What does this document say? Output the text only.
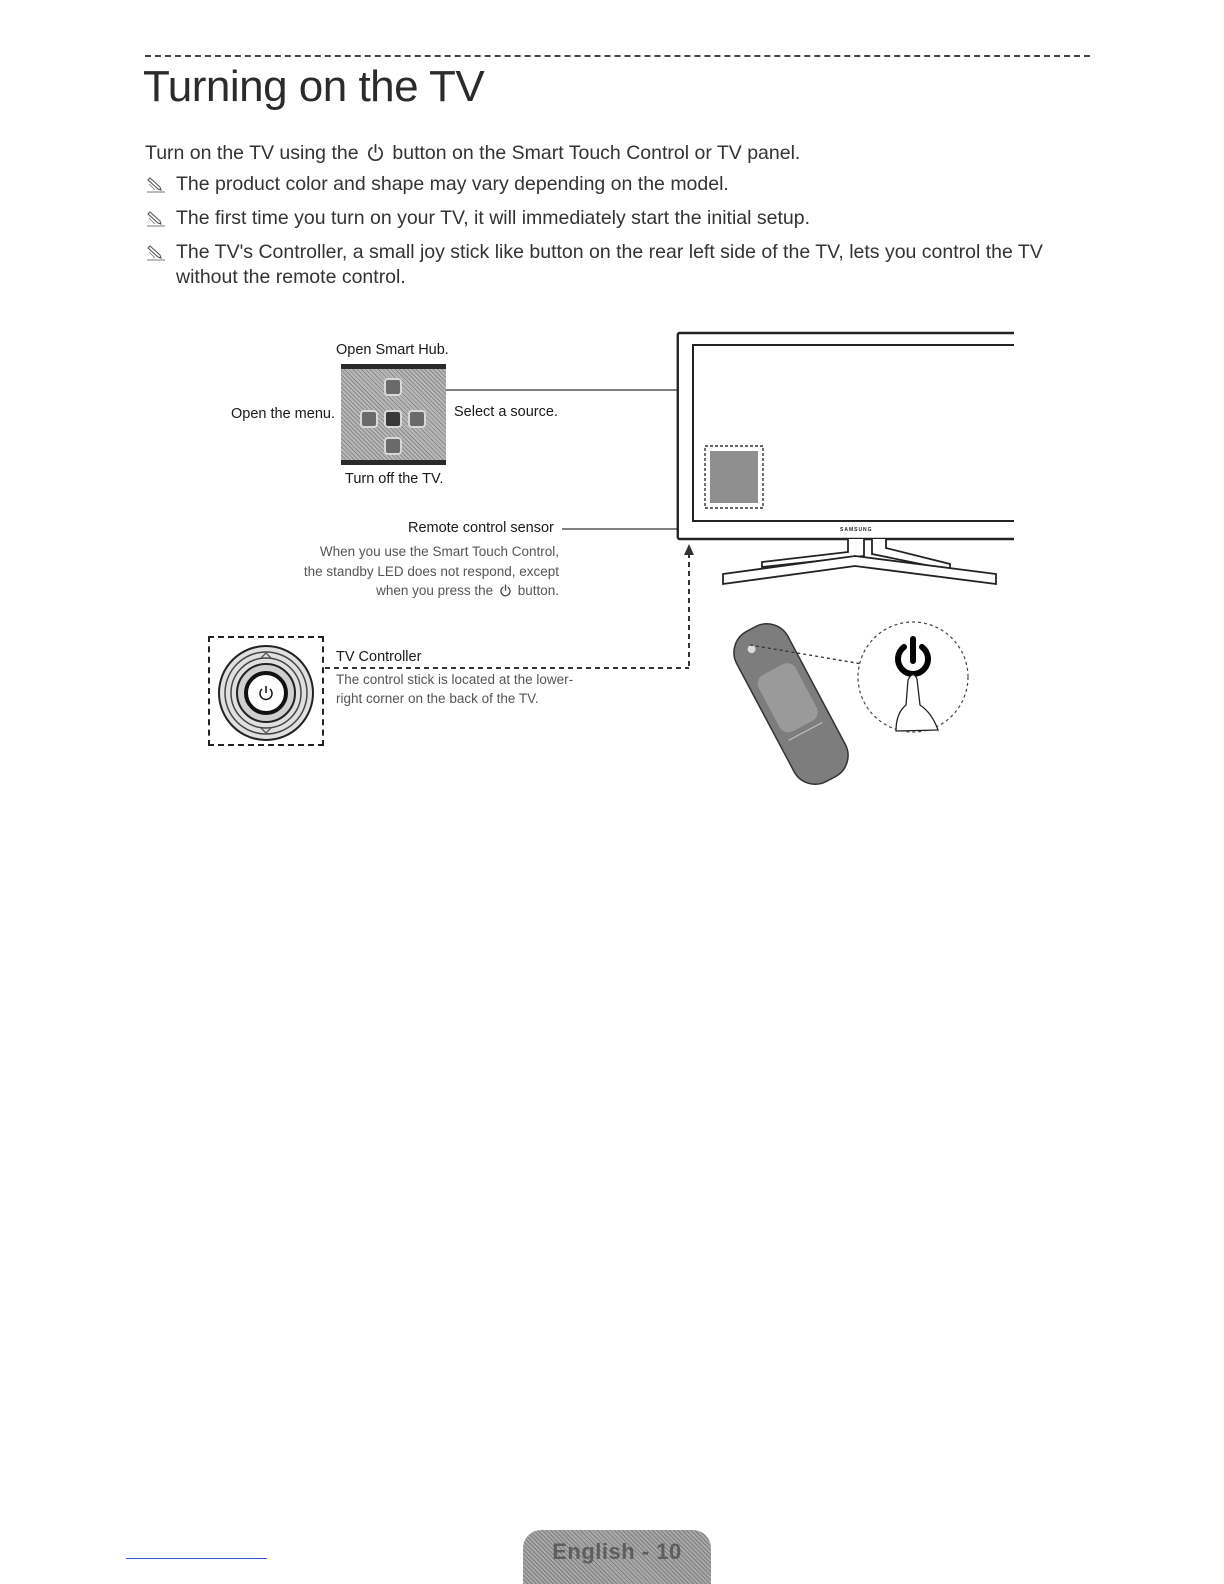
Turning on the TV
Turn on the TV using the button on the Smart Touch Control or TV panel.
The product color and shape may vary depending on the model.
The first time you turn on your TV, it will immediately start the initial setup.
The TV's Controller, a small joy stick like button on the rear left side of the TV, lets you control the TV without the remote control.
Open Smart Hub.
Open the menu.	Select a source.
Turn off the TV.
Remote control sensor
When you use the Smart Touch Control,
the standby LED does not respond, except
when you press the button.
TV Controller
The control stick is located at the lower-
right corner on the back of the TV.
SAMSUNG
English - 10
